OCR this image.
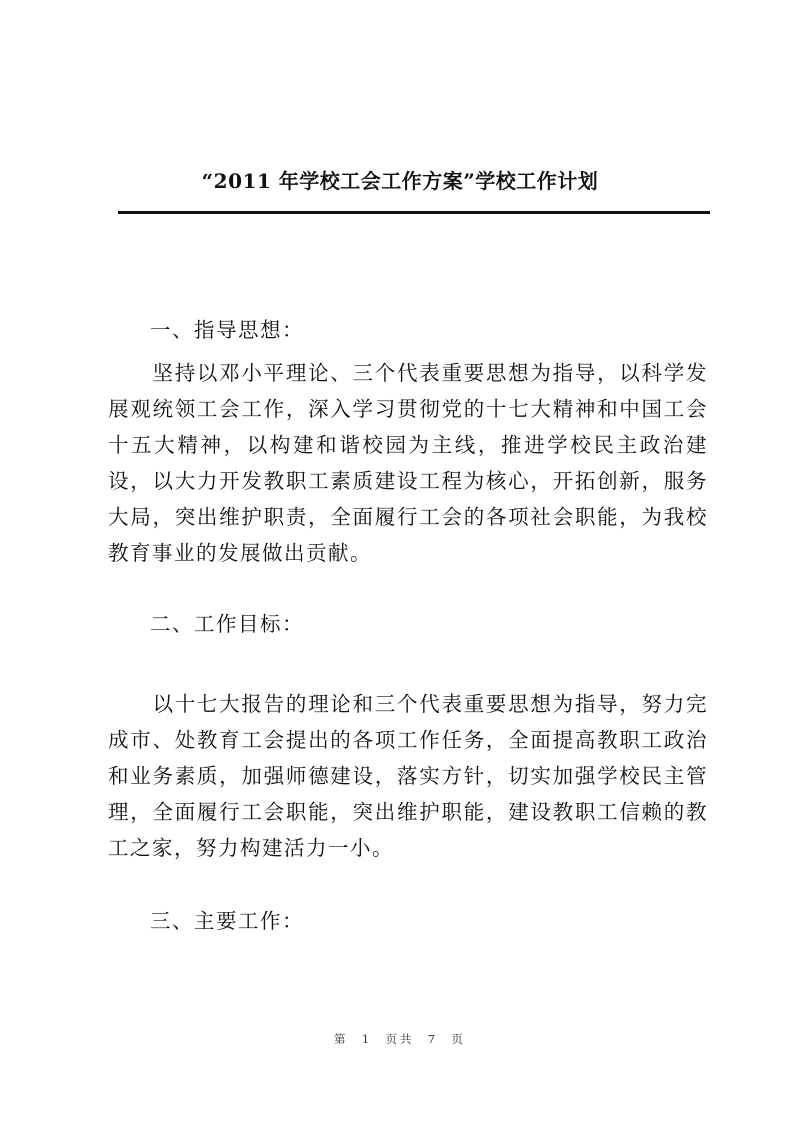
“2011 年学校工会工作方案”学校工作计划
一、指导思想：
　　坚持以邓小平理论、三个代表重要思想为指导，以科学发展观统领工会工作，深入学习贯彻党的十七大精神和中国工会十五大精神，以构建和谐校园为主线，推进学校民主政治建设，以大力开发教职工素质建设工程为核心，开拓创新，服务大局，突出维护职责，全面履行工会的各项社会职能，为我校教育事业的发展做出贡献。
二、工作目标：
　　以十七大报告的理论和三个代表重要思想为指导，努力完成市、处教育工会提出的各项工作任务，全面提高教职工政治和业务素质，加强师德建设，落实方针，切实加强学校民主管理，全面履行工会职能，突出维护职能，建设教职工信赖的教工之家，努力构建活力一小。
三、主要工作：
第  1  页共  7  页
